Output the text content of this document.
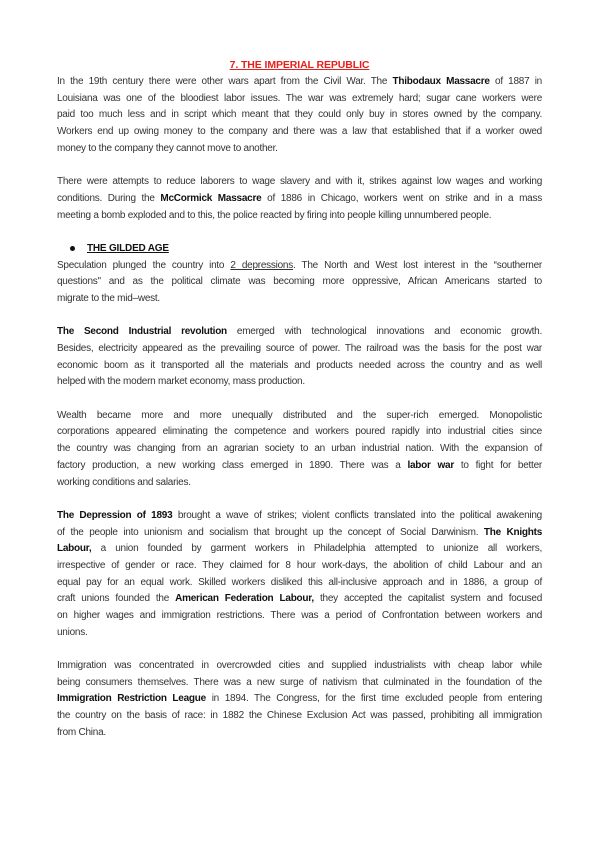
7. THE IMPERIAL REPUBLIC
In the 19th century there were other wars apart from the Civil War. The Thibodaux Massacre of 1887 in
Louisiana was one of the bloodiest labor issues. The war was extremely hard; sugar cane workers were
paid too much less and in script which meant that they could only buy in stores owned by the company.
Workers end up owing money to the company and there was a law that established that if a worker owed
money to the company they cannot move to another.
There were attempts to reduce laborers to wage slavery and with it, strikes against low wages and working
conditions. During the McCormick Massacre of 1886 in Chicago, workers went on strike and in a mass
meeting a bomb exploded and to this, the police reacted by firing into people killing unnumbered people.
THE GILDED AGE
Speculation plunged the country into 2 depressions. The North and West lost interest in the “southerner
questions" and as the political climate was becoming more oppressive, African Americans started to
migrate to the mid–west.
The Second Industrial revolution emerged with technological innovations and economic growth.
Besides, electricity appeared as the prevailing source of power. The railroad was the basis for the post war
economic boom as it transported all the materials and products needed across the country and as well
helped with the modern market economy, mass production.
Wealth became more and more unequally distributed and the super-rich emerged. Monopolistic
corporations appeared eliminating the competence and workers poured rapidly into industrial cities since
the country was changing from an agrarian society to an urban industrial nation. With the expansion of
factory production, a new working class emerged in 1890. There was a labor war to fight for better
working conditions and salaries.
The Depression of 1893 brought a wave of strikes; violent conflicts translated into the political awakening
of the people into unionism and socialism that brought up the concept of Social Darwinism. The Knights
Labour, a union founded by garment workers in Philadelphia attempted to unionize all workers,
irrespective of gender or race. They claimed for 8 hour work-days, the abolition of child Labour and an
equal pay for an equal work. Skilled workers disliked this all-inclusive approach and in 1886, a group of
craft unions founded the American Federation Labour, they accepted the capitalist system and focused
on higher wages and immigration restrictions. There was a period of Confrontation between workers and
unions.
Immigration was concentrated in overcrowded cities and supplied industrialists with cheap labor while
being consumers themselves. There was a new surge of nativism that culminated in the foundation of the
Immigration Restriction League in 1894. The Congress, for the first time excluded people from entering
the country on the basis of race: in 1882 the Chinese Exclusion Act was passed, prohibiting all immigration
from China.
